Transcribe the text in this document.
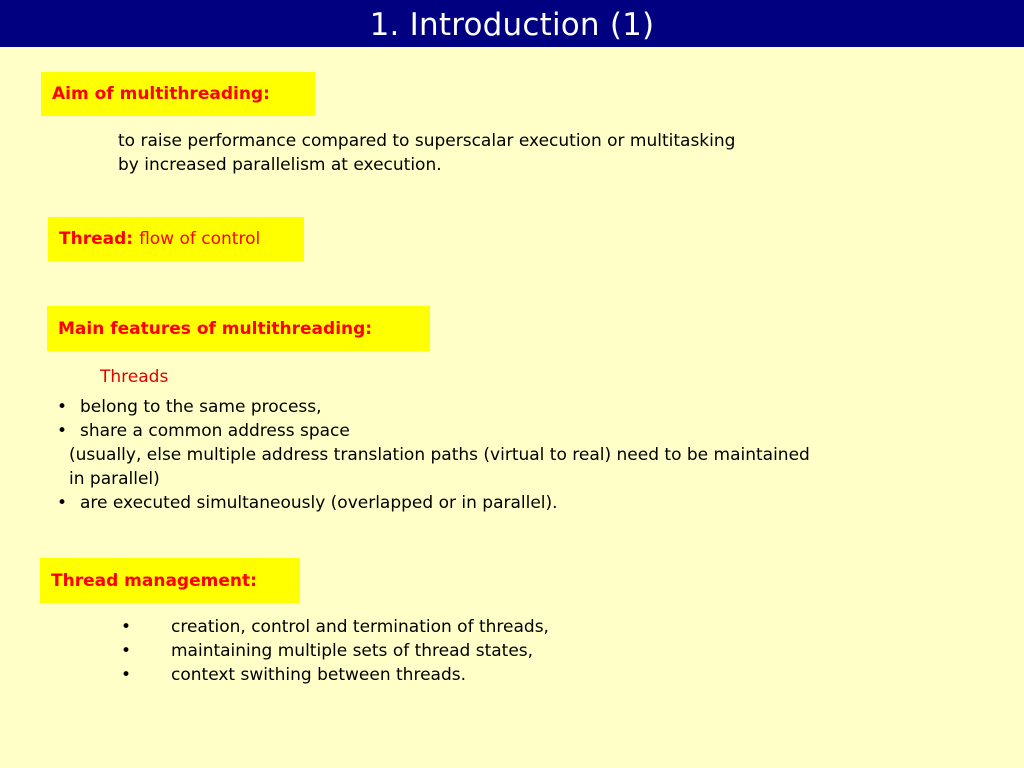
1. Introduction (1)
Aim of multithreading:
to raise performance compared to superscalar execution or multitasking
by increased parallelism at execution.
Thread: flow of control
Main features of multithreading:
Threads
• belong to the same process,
• share a common address space
(usually, else multiple address translation paths (virtual to real) need to be maintained
in parallel)
• are executed simultaneously (overlapped or in parallel).
Thread management:
• creation, control and termination of threads,
• maintaining multiple sets of thread states,
• context swithing between threads.
